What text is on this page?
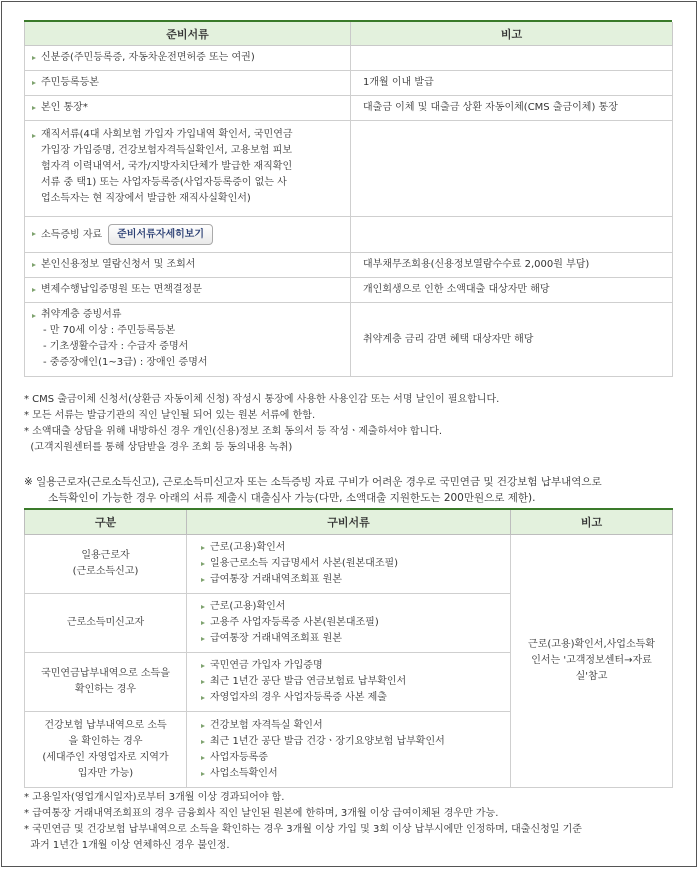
준비서류	비고

신분증(주민등록증, 자동차운전면허증 또는 여권)	

주민등록등본	1개월 이내 발급

본인 통장*	대출금 이체 및 대출금 상환 자동이체(CMS 출금이체) 통장

재직서류(4대 사회보험 가입자 가입내역 확인서, 국민연금
가입장 가입증명, 건강보험자격득실확인서, 고용보험 피보
험자격 이력내역서, 국가/지방자치단체가 발급한 재직확인
서류 중 택1) 또는 사업자등록증(사업자등록증이 없는 사
업소득자는 현 직장에서 발급한 재직사실확인서)	

소득증빙 자료 준비서류자세히보기	

본인신용정보 열람신청서 및 조회서	대부채무조회용(신용정보열람수수료 2,000원 부담)

변제수행납입증명원 또는 면책결정문	개인회생으로 인한 소액대출 대상자만 해당

취약계층 증빙서류
- 만 70세 이상 : 주민등록등본
- 기초생활수급자 : 수급자 증명서
- 중증장애인(1~3급) : 장애인 증명서	취약계층 금리 감면 혜택 대상자만 해당
* CMS 출금이체 신청서(상환금 자동이체 신청) 작성시 통장에 사용한 사용인감 또는 서명 날인이 필요합니다.
* 모든 서류는 발급기관의 직인 날인될 되어 있는 원본 서류에 한함.
* 소액대출 상담을 위해 내방하신 경우 개인(신용)정보 조회 동의서 등 작성ㆍ제출하셔야 합니다.
(고객지원센터를 통해 상담받을 경우 조회 등 동의내용 녹취)
※ 일용근로자(근로소득신고), 근로소득미신고자 또는 소득증빙 자료 구비가 어려운 경우로 국민연금 및 건강보험 납부내역으로
소득확인이 가능한 경우 아래의 서류 제출시 대출심사 가능(다만, 소액대출 지원한도는 200만원으로 제한).
구분	구비서류	비고

일용근로자
(근로소득신고)	근로(고용)확인서
일용근로소득 지급명세서 사본(원본대조필)
급여통장 거래내역조회표 원본	근로(고용)확인서,사업소득확
인서는 '고객정보센터→자료
실'참고

근로소득미신고자	근로(고용)확인서
고용주 사업자등록증 사본(원본대조필)
급여통장 거래내역조회표 원본	

국민연금납부내역으로 소득을
확인하는 경우	국민연금 가입자 가입증명
최근 1년간 공단 발급 연금보험료 납부확인서
자영업자의 경우 사업자등록증 사본 제출	

건강보험 납부내역으로 소득
을 확인하는 경우
(세대주인 자영업자로 지역가
입자만 가능)	건강보험 자격득실 확인서
최근 1년간 공단 발급 건강ㆍ장기요양보험 납부확인서
사업자등록증
사업소득확인서	
* 고용일자(영업개시일자)로부터 3개월 이상 경과되어야 함.
* 급여통장 거래내역조회표의 경우 금융회사 직인 날인된 원본에 한하며, 3개월 이상 급여이체된 경우만 가능.
* 국민연금 및 건강보험 납부내역으로 소득을 확인하는 경우 3개월 이상 가입 및 3회 이상 납부시에만 인정하며, 대출신청일 기준
과거 1년간 1개월 이상 연체하신 경우 불인정.
